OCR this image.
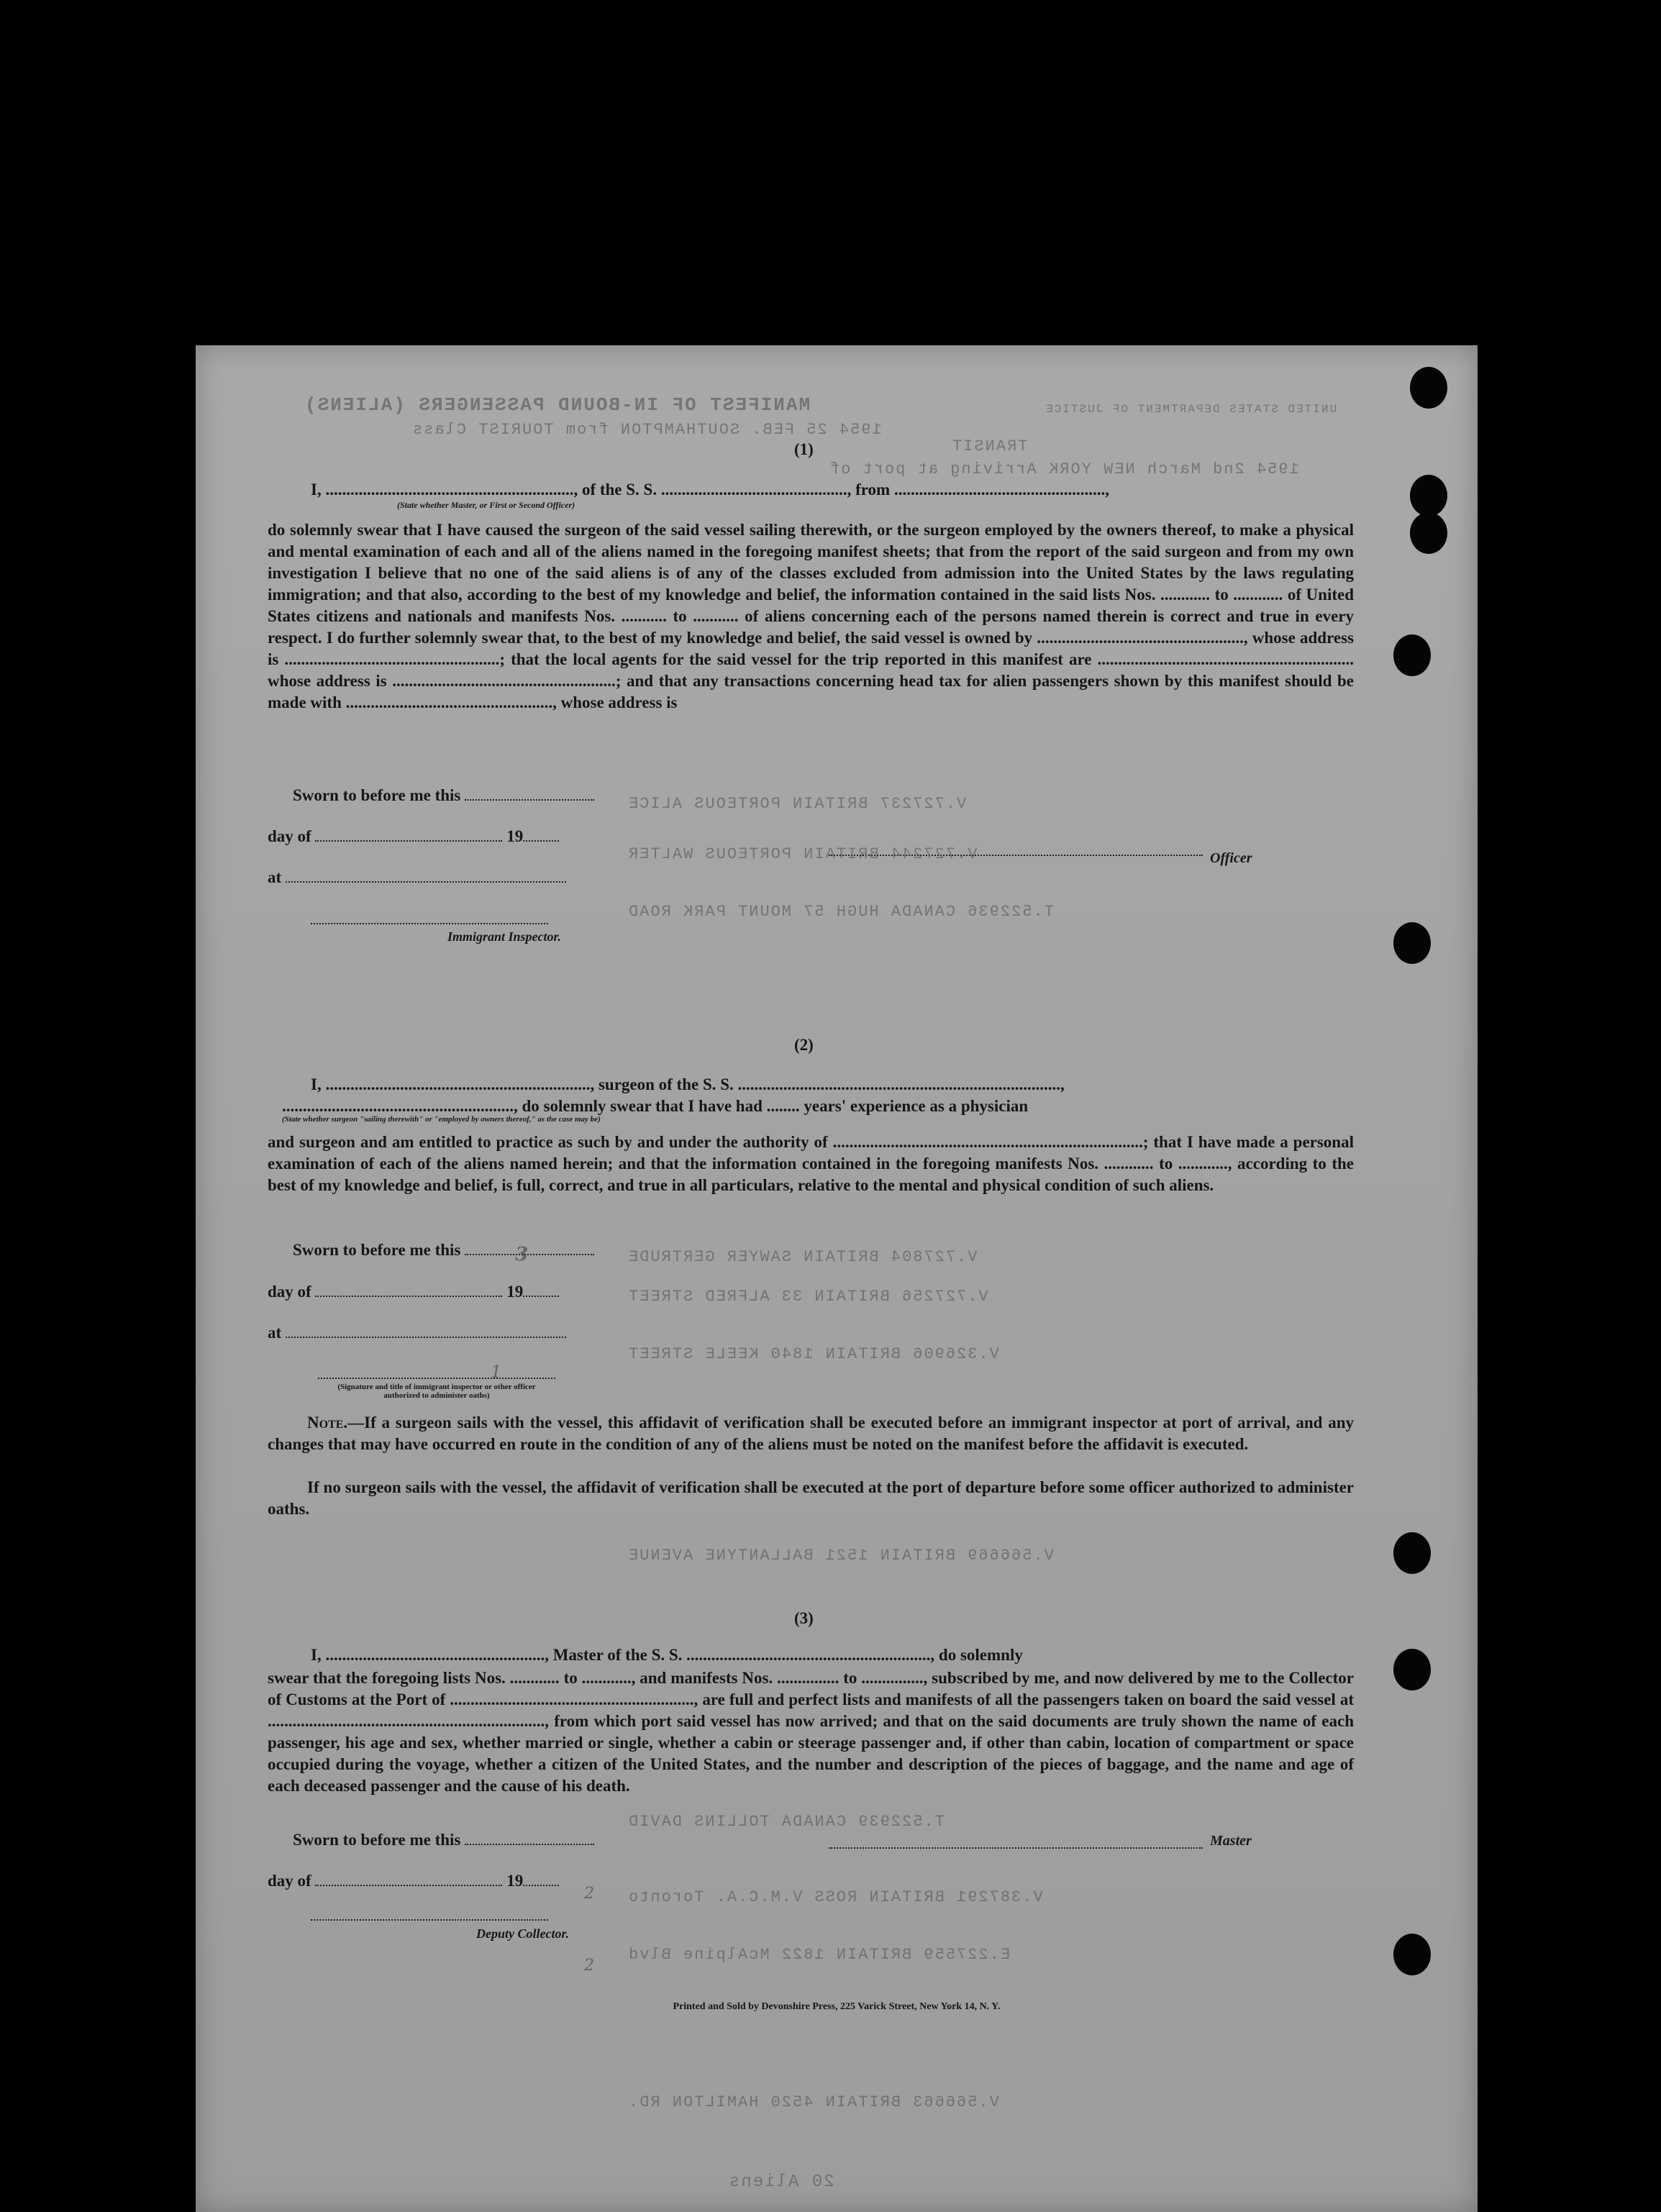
MANIFEST OF IN-BOUND PASSENGERS (ALIENS)	UNITED STATES DEPARTMENT OF JUSTICE
1954 25 FEB. SOUTHAMPTON from TOURIST Class
1954 2nd March NEW YORK Arriving at port of
TRANSIT
(1)
I, ............................................................, of the S. S. ............................................., from ...................................................,
(State whether Master, or First or Second Officer)
do solemnly swear that I have caused the surgeon of the said vessel sailing therewith, or the surgeon employed by the owners thereof, to make a physical and mental examination of each and all of the aliens named in the foregoing manifest sheets; that from the report of the said surgeon and from my own investigation I believe that no one of the said aliens is of any of the classes excluded from admission into the United States by the laws regulating immigration; and that also, according to the best of my knowledge and belief, the information contained in the said lists Nos. ............ to ............ of United States citizens and nationals and manifests Nos. ........... to ........... of aliens concerning each of the persons named therein is correct and true in every respect. I do further solemnly swear that, to the best of my knowledge and belief, the said vessel is owned by .................................................., whose address is ....................................................; that the local agents for the said vessel for the trip reported in this manifest are .............................................................. whose address is ......................................................; and that any transactions concerning head tax for alien passengers shown by this manifest should be made with .................................................., whose address is
Sworn to before me this
day of	19
at
Immigrant Inspector.
Officer
(2)
I, ................................................................, surgeon of the S. S. ..............................................................................,
........................................................, do solemnly swear that I have had ........ years' experience as a physician
(State whether surgeon "sailing therewith" or "employed by owners thereof," as the case may be)
and surgeon and am entitled to practice as such by and under the authority of ...........................................................................; that I have made a personal examination of each of the aliens named herein; and that the information contained in the foregoing manifests Nos. ............ to ............, according to the best of my knowledge and belief, is full, correct, and true in all particulars, relative to the mental and physical condition of such aliens.
Sworn to before me this	3
day of	19
at
1
(Signature and title of immigrant inspector or other officer authorized to administer oaths)
Note.—If a surgeon sails with the vessel, this affidavit of verification shall be executed before an immigrant inspector at port of arrival, and any changes that may have occurred en route in the condition of any of the aliens must be noted on the manifest before the affidavit is executed.
If no surgeon sails with the vessel, the affidavit of verification shall be executed at the port of departure before some officer authorized to administer oaths.
(3)
I, ....................................................., Master of the S. S. ..........................................................., do solemnly
swear that the foregoing lists Nos. ............ to ............, and manifests Nos. ............... to ..............., subscribed by me, and now delivered by me to the Collector of Customs at the Port of ..........................................................., are full and perfect lists and manifests of all the passengers taken on board the said vessel at ..................................................................., from which port said vessel has now arrived; and that on the said documents are truly shown the name of each passenger, his age and sex, whether married or single, whether a cabin or steerage passenger and, if other than cabin, location of compartment or space occupied during the voyage, whether a citizen of the United States, and the number and description of the pieces of baggage, and the name and age of each deceased passenger and the cause of his death.
Sworn to before me this
day of	19
Deputy Collector.
2
2
Master
V.727237 BRITAIN PORTEOUS ALICE
V.727244 BRITAIN PORTEOUS WALTER
T.522936 CANADA HUGH 57 MOUNT PARK ROAD
V.727804 BRITAIN SAWYER GERTRUDE
V.727256 BRITAIN 33 ALFRED STREET
V.326906 BRITAIN 1840 KEELE STREET
V.566669 BRITAIN 1521 BALLANTYNE AVENUE
T.522939 CANADA TOLLINS DAVID
V.387291 BRITAIN ROSS V.M.C.A. Toronto
E.227559 BRITAIN 1822 McAlpine Blvd
V.566663 BRITAIN 4520 HAMILTON RD.
Printed and Sold by Devonshire Press, 225 Varick Street, New York 14, N. Y.
20 Aliens
